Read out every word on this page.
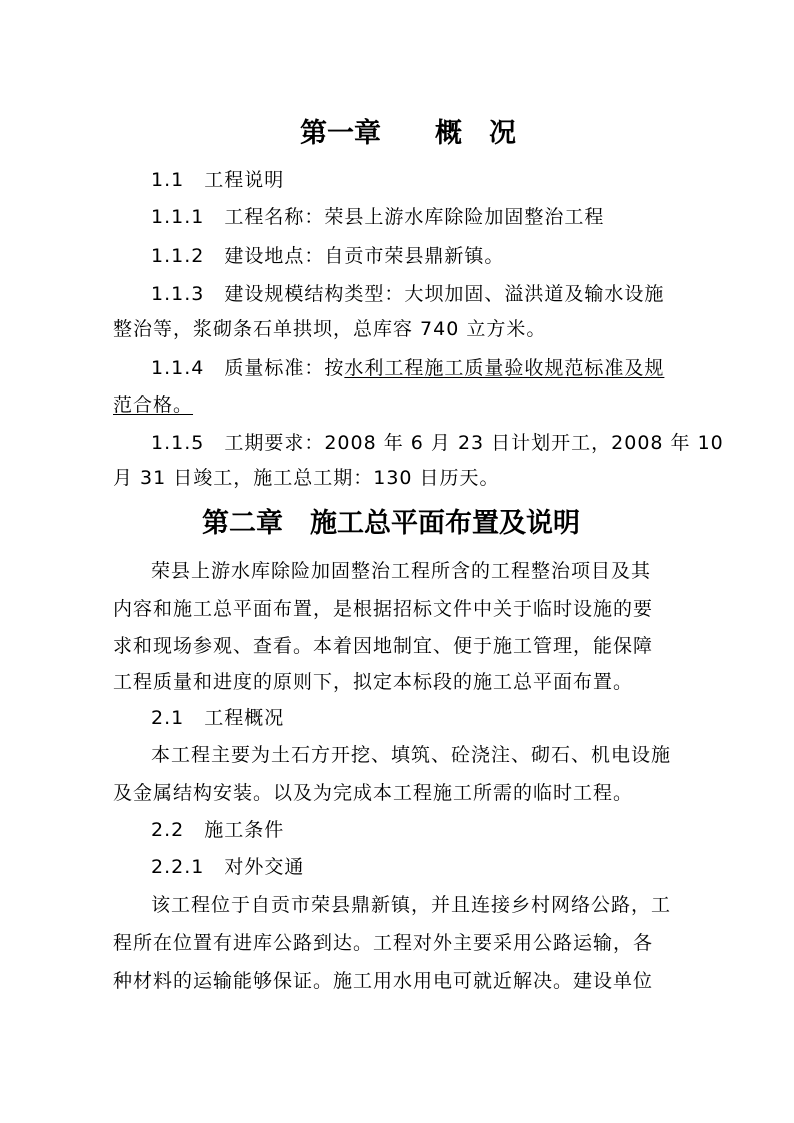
第一章　　概　况
1.1　工程说明
1.1.1　工程名称：荣县上游水库除险加固整治工程
1.1.2　建设地点：自贡市荣县鼎新镇。
1.1.3　建设规模结构类型：大坝加固、溢洪道及输水设施
整治等，浆砌条石单拱坝，总库容 740 立方米。
1.1.4　质量标准：按水利工程施工质量验收规范标准及规
范合格。
1.1.5　工期要求：2008 年 6 月 23 日计划开工，2008 年 10
月 31 日竣工，施工总工期：130 日历天。
第二章　施工总平面布置及说明
荣县上游水库除险加固整治工程所含的工程整治项目及其
内容和施工总平面布置，是根据招标文件中关于临时设施的要
求和现场参观、查看。本着因地制宜、便于施工管理，能保障
工程质量和进度的原则下，拟定本标段的施工总平面布置。
2.1　工程概况
本工程主要为土石方开挖、填筑、砼浇注、砌石、机电设施
及金属结构安装。以及为完成本工程施工所需的临时工程。
2.2　施工条件
2.2.1　对外交通
该工程位于自贡市荣县鼎新镇，并且连接乡村网络公路，工
程所在位置有进库公路到达。工程对外主要采用公路运输，各
种材料的运输能够保证。施工用水用电可就近解决。建设单位
